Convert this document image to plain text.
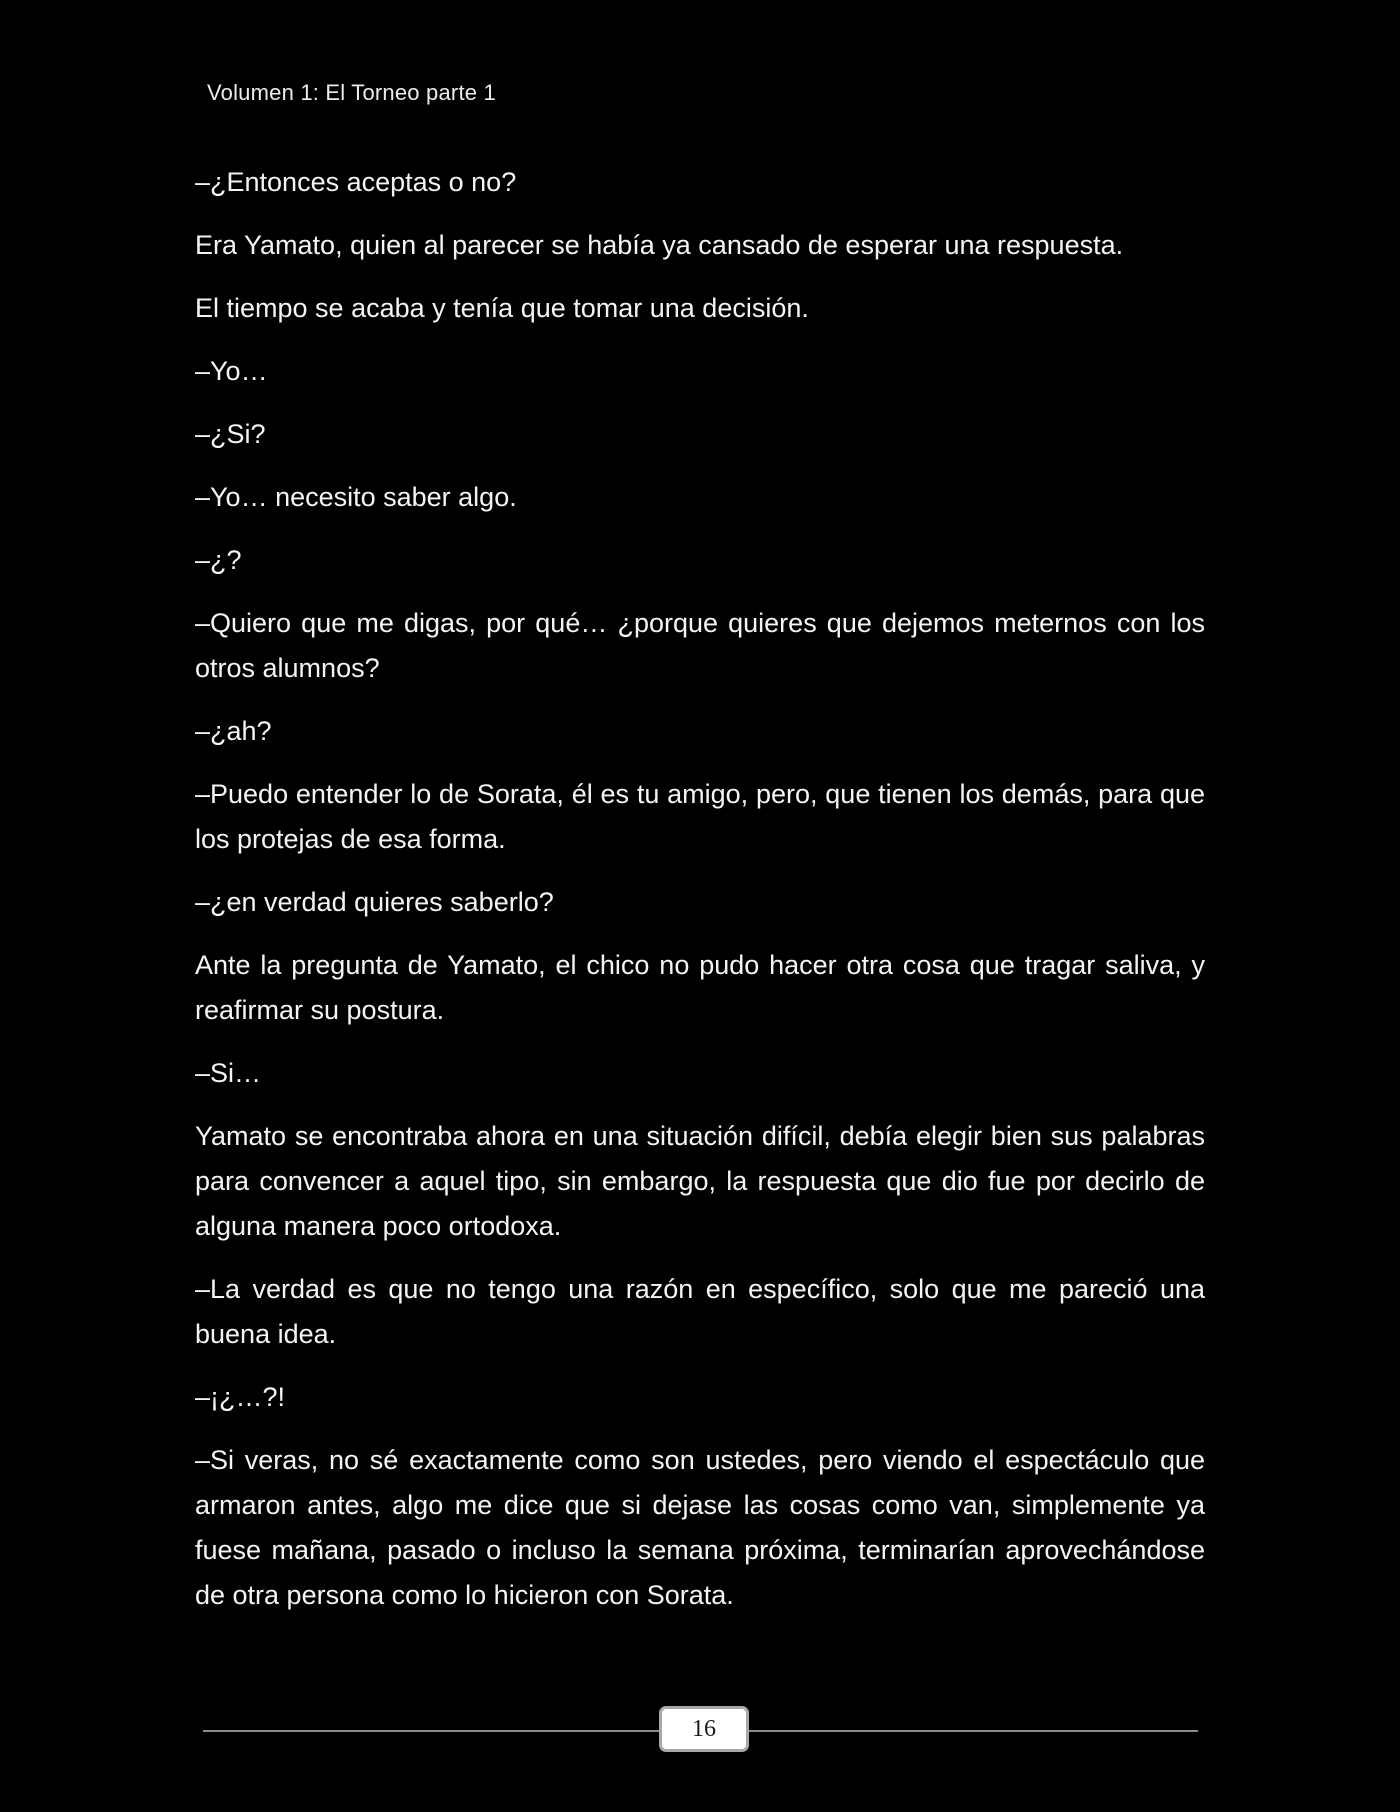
Volumen 1: El Torneo parte 1

–¿Entonces aceptas o no?

Era Yamato, quien al parecer se había ya cansado de esperar una respuesta.

El tiempo se acaba y tenía que tomar una decisión.

–Yo…

–¿Si?

–Yo… necesito saber algo.

–¿?

–Quiero que me digas, por qué… ¿porque quieres que dejemos meternos con los otros alumnos?

–¿ah?

–Puedo entender lo de Sorata, él es tu amigo, pero, que tienen los demás, para que los protejas de esa forma.

–¿en verdad quieres saberlo?

Ante la pregunta de Yamato, el chico no pudo hacer otra cosa que tragar saliva, y reafirmar su postura.

–Si…

Yamato se encontraba ahora en una situación difícil, debía elegir bien sus palabras para convencer a aquel tipo, sin embargo, la respuesta que dio fue por decirlo de alguna manera poco ortodoxa.

–La verdad es que no tengo una razón en específico, solo que me pareció una buena idea.

–¡¿…?!

–Si veras, no sé exactamente como son ustedes, pero viendo el espectáculo que armaron antes, algo me dice que si dejase las cosas como van, simplemente ya fuese mañana, pasado o incluso la semana próxima, terminarían aprovechándose de otra persona como lo hicieron con Sorata.

16
